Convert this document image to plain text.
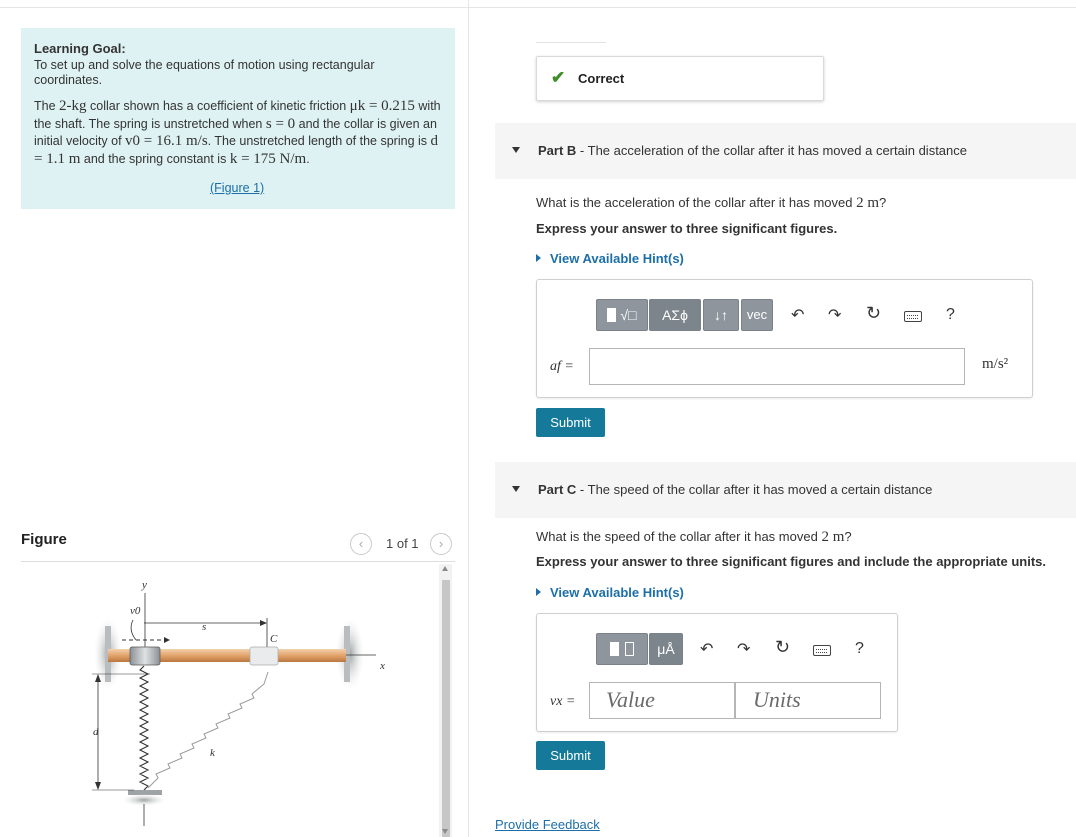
Learning Goal:
To set up and solve the equations of motion using rectangular coordinates.
The 2-kg collar shown has a coefficient of kinetic friction μk = 0.215 with the shaft. The spring is unstretched when s = 0 and the collar is given an initial velocity of v0 = 16.1 m/s. The unstretched length of the spring is d = 1.1 m and the spring constant is k = 175 N/m.
(Figure 1)
Figure	‹	1 of 1	›
x
y
v0
s
C
k
d
✔ Correct
Part B - The acceleration of the collar after it has moved a certain distance
What is the acceleration of the collar after it has moved 2 m?
Express your answer to three significant figures.
View Available Hint(s)
√□	ΑΣϕ	↓↑	vec	↶ ↷ ↻	?
af =	m/s²
Submit
Part C - The speed of the collar after it has moved a certain distance
What is the speed of the collar after it has moved 2 m?
Express your answer to three significant figures and include the appropriate units.
View Available Hint(s)

μÅ	↶ ↷ ↻	?
vx = Value	Units
Submit
Provide Feedback
